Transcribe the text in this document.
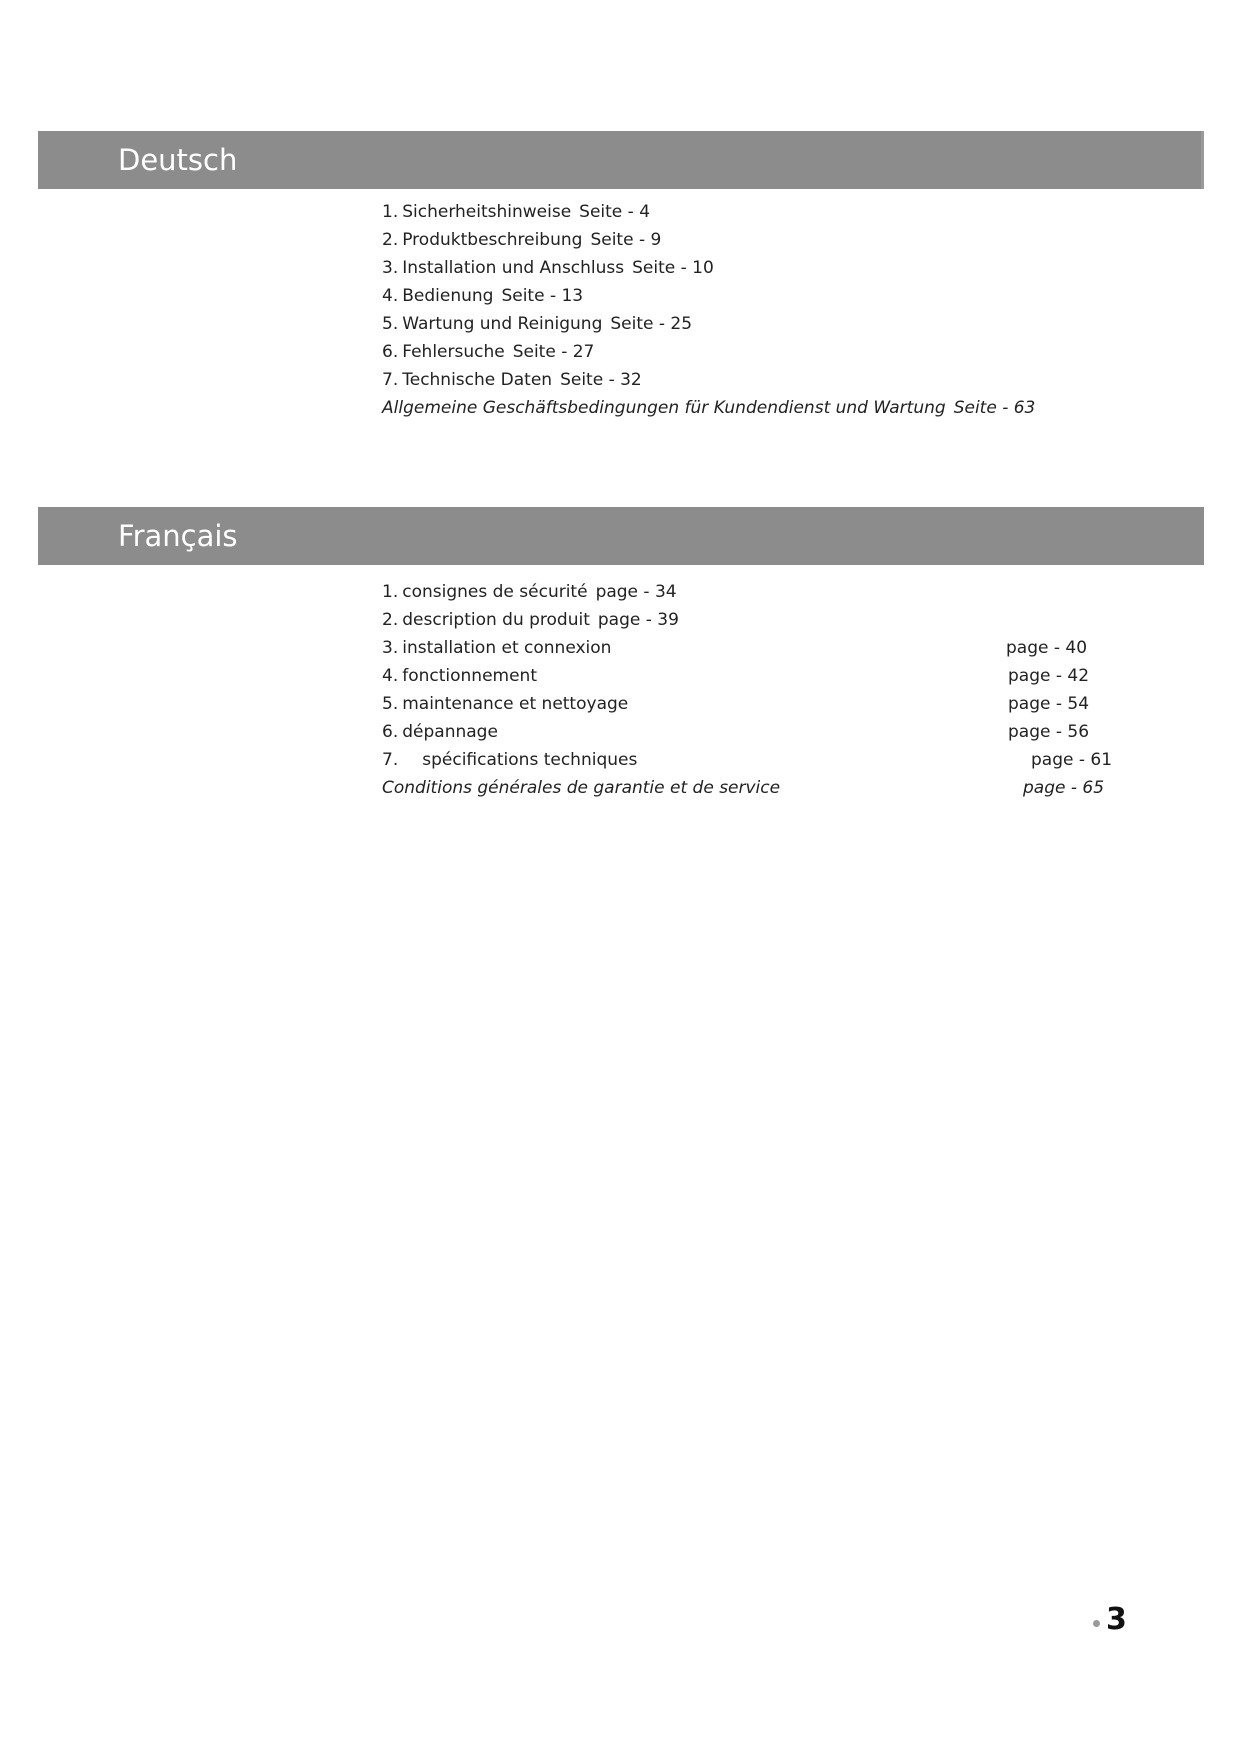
Deutsch
1. Sicherheitshinweise Seite - 4
2. Produktbeschreibung Seite - 9
3. Installation und Anschluss Seite - 10
4. Bedienung Seite - 13
5. Wartung und Reinigung Seite - 25
6. Fehlersuche Seite - 27
7. Technische Daten Seite - 32
Allgemeine Geschäftsbedingungen für Kundendienst und Wartung Seite - 63
Français
1. consignes de sécurité page - 34
2. description du produit page - 39
3. installation et connexion	page - 40
4. fonctionnement	page - 42
5. maintenance et nettoyage	page - 54
6. dépannage	page - 56
7. spécifications techniques	page - 61
Conditions générales de garantie et de service	page - 65
3
